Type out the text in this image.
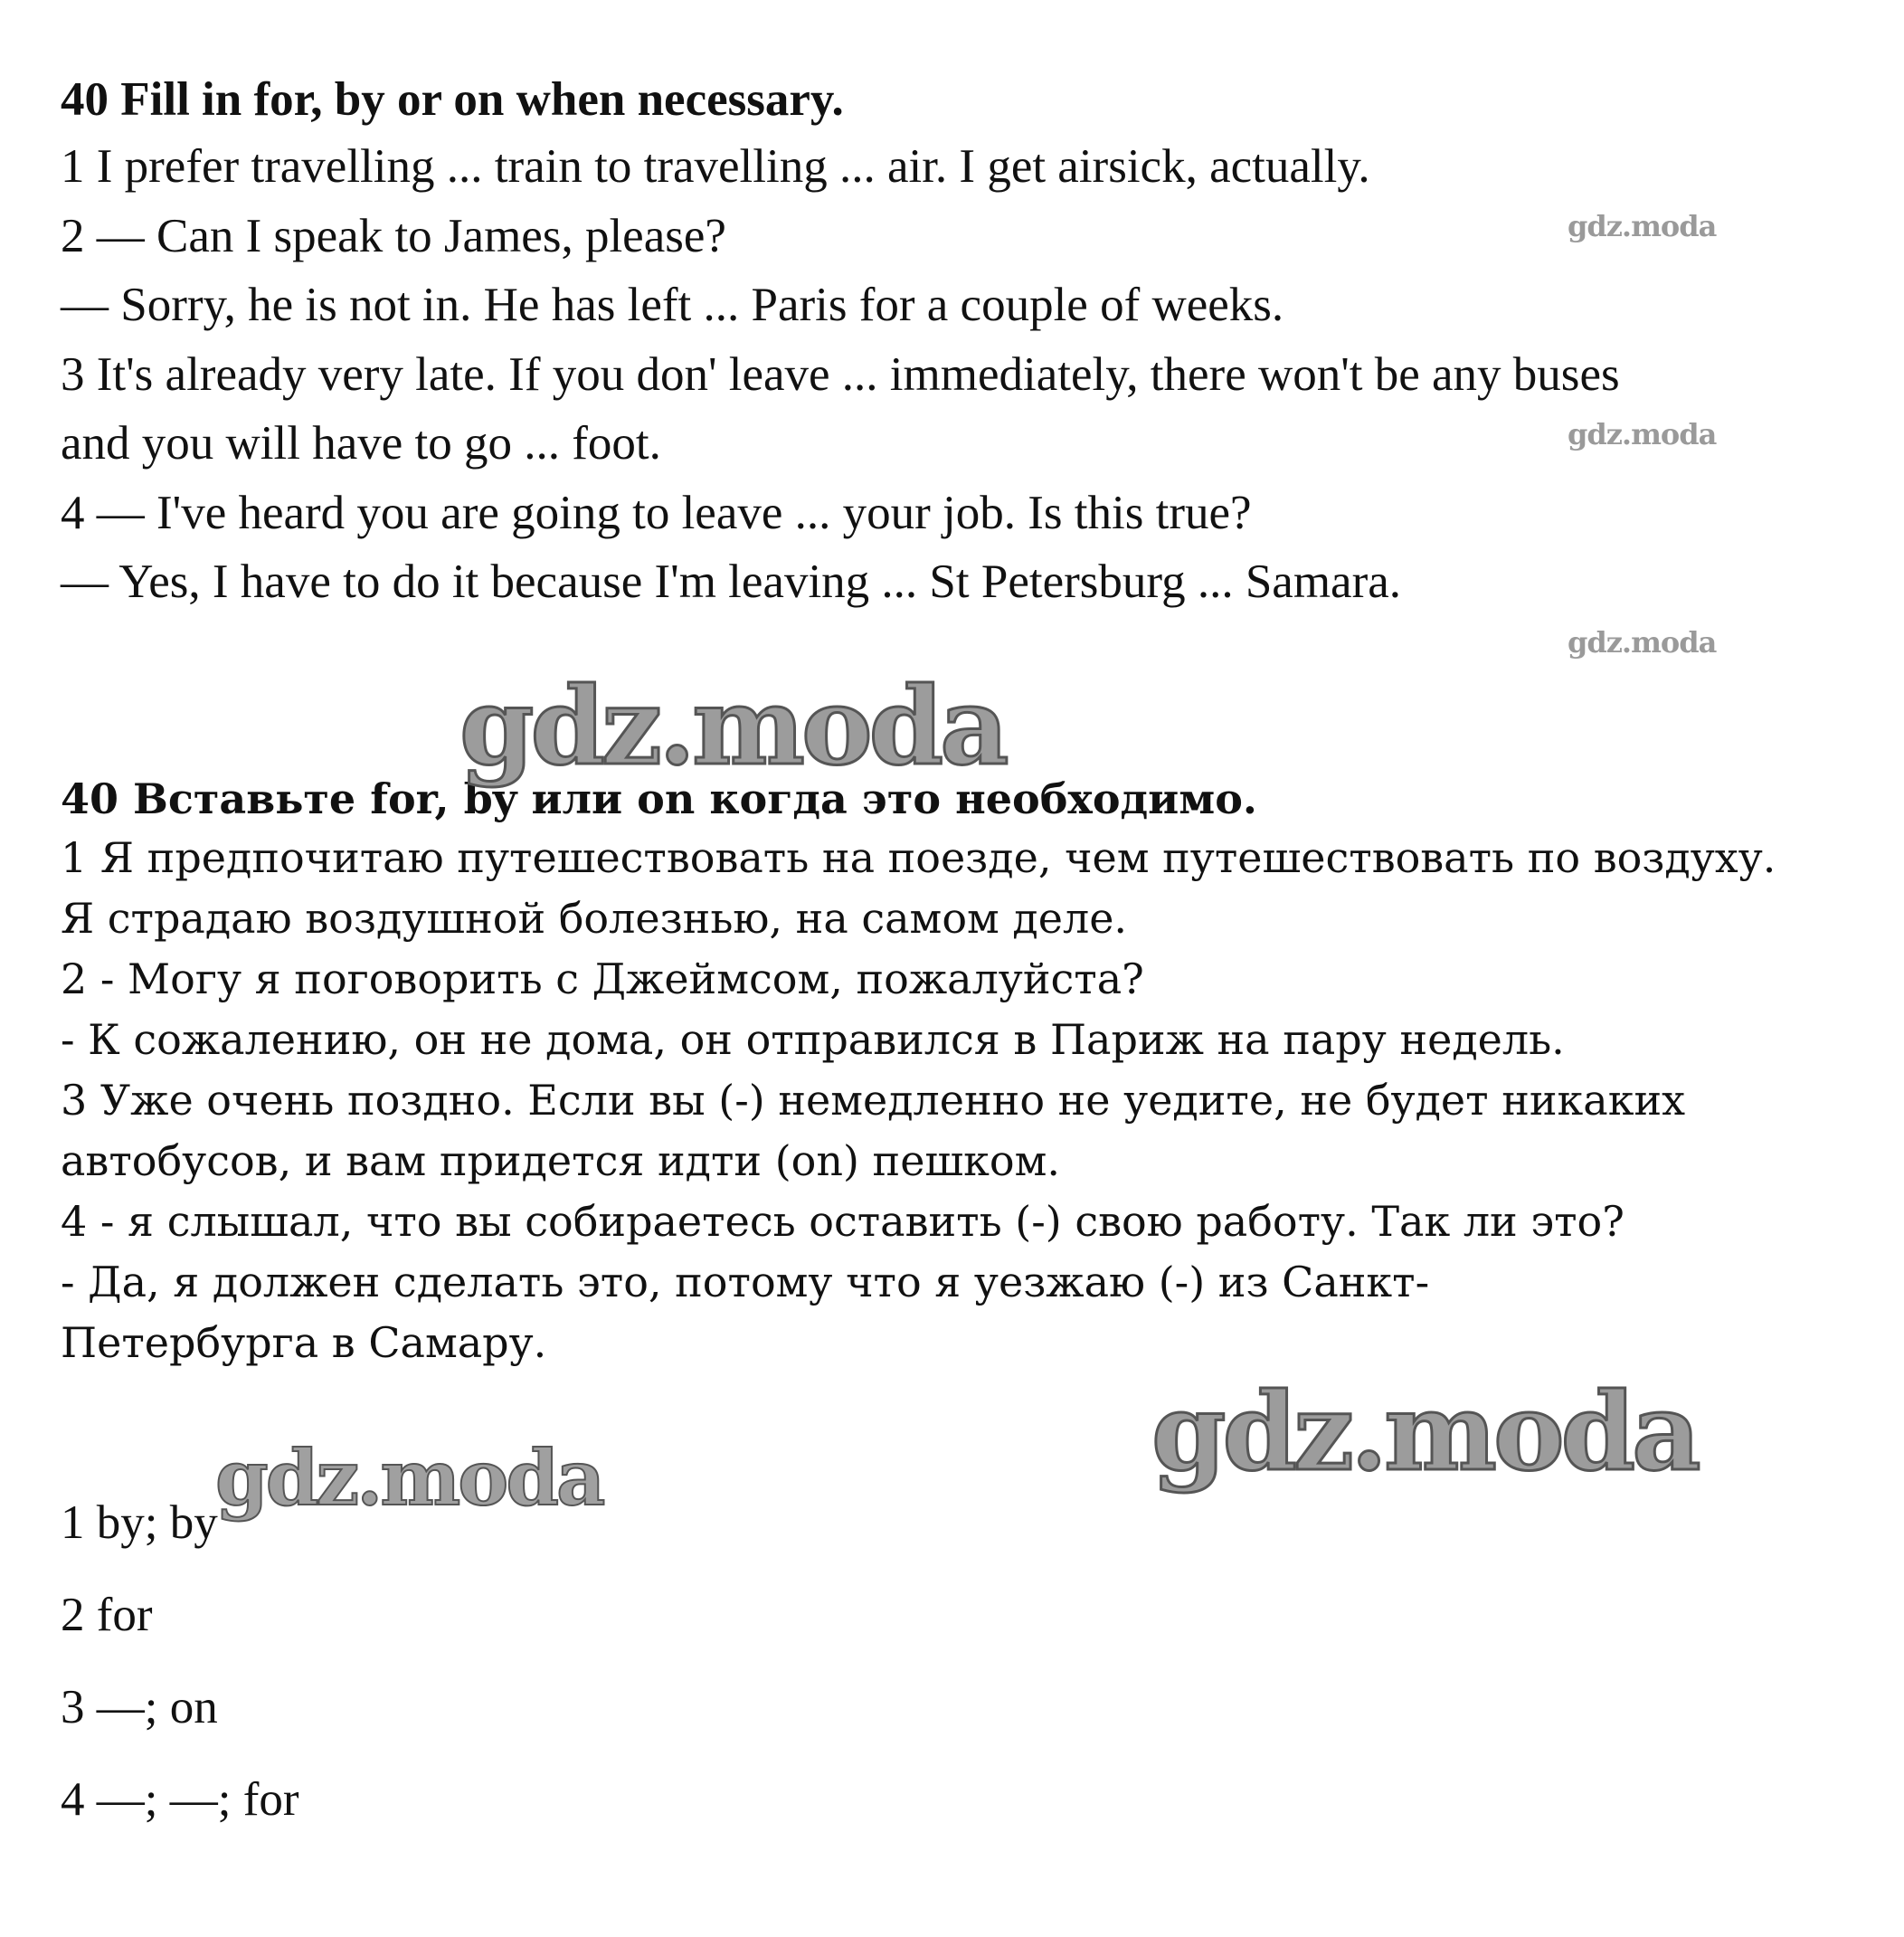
40 Fill in for, by or on when necessary.
1 I prefer travelling ... train to travelling ... air. I get airsick, actually.
2 — Can I speak to James, please?
— Sorry, he is not in. He has left ... Paris for a couple of weeks.
3 It's already very late. If you don' leave ... immediately, there won't be any buses
and you will have to go ... foot.
4 — I've heard you are going to leave ... your job. Is this true?
— Yes, I have to do it because I'm leaving ... St Petersburg ... Samara.
40 Вставьте for, by или on когда это необходимо.
1 Я предпочитаю путешествовать на поезде, чем путешествовать по воздуху.
Я страдаю воздушной болезнью, на самом деле.
2 - Могу я поговорить с Джеймсом, пожалуйста?
- К сожалению, он не дома, он отправился в Париж на пару недель.
3 Уже очень поздно. Если вы (-) немедленно не уедите, не будет никаких
автобусов, и вам придется идти (on) пешком.
4 - я слышал, что вы собираетесь оставить (-) свою работу. Так ли это?
- Да, я должен сделать это, потому что я уезжаю (-) из Санкт-
Петербурга в Самару.
1 by; by
2 for
3 —; on
4 —; —; for
gdz.moda
gdz.moda
gdz.moda
gdz.moda
gdz.moda
gdz.moda
